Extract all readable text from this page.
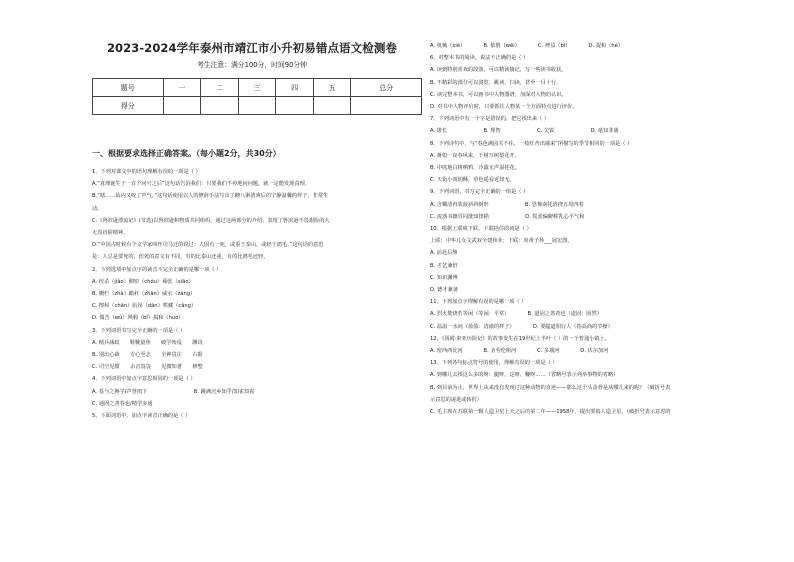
2023-2024学年泰州市靖江市小升初易错点语文检测卷
考生注意：满分100分，时间90分钟
题号	一	二	三	四	五	总分
得分						
一、根据要求选择正确答案。（每小题2分，共30分）
1、下列对课文中的语句理解有误的一项是（ ）
A.“真理诞生于一百个问号之后”这句话告诉我们：只要我们不停地问问题，就一定能发现真理。
B.“嗐……钻内又咬了声气。”这句话使用以人的修辞手法写出了糖八粥清爽后的宁静温馨的样子，非常生
动。
C.《鲁滨逊漂流记》(节选)以鲁滨逊和物质共同组织，通过这两部分的介绍，表现了鲁滨逊不畏艰险的大
无畏冒险精神。
D.“中国古时候有个文学家叫作司马迁的说过：人固有一死，或重于泰山，或轻于鸿毛。”这句话的意思
是：人总是要死的，但死的意义有不同，有的比泰山还重，有的比鸿毛还轻。
2、下列选项中加点字的读音不完全正确的是哪一项（ ）
A. 绞杀（jiǎo）稠密（chóu）蓦张（xiāo）
B. 栅栏（zhà）蜡秆（zhān）威水（zāng）
C. 擦和（chān）肮误（dān）哄藏（cāng）
D. 僵苦（wù）殃嗝（bǐ）损和（huo）
3、下列词语书写完全正确的一项是（ ）
A. 精兵减政　　鞋靴量焦　　破学殆役　　渊讯
B. 别出心裁　　专心至志　　全神贯注　　占据
C. 司空见惯　　余音袅袅　　见微知著　　修整
4、下列词语中加点字意思相同的一项是（ ）
A. 基与之换学/声誉雨下　　　　　　　　　B. 跳满沉乡知乎/知雀知雀
C. 通固之善春也/精学多通
5、下面词语中，加点字读音正确的是（ ）
A. 机械（xiè）　　　　B. 依偎（wēi）　　　　C. 裨益（bì）　　　　D. 提和（hé）
6、对整本书的阅读，说法不正确的是（ ）
A. 读到特别喜欢的段落，可以精读摘记，写一些读书收获。
B. 不精彩的部分可以浏览、跳读，扫读，甚至一目十行。
C. 读完整本书，可以画书中人物图谱，加深对人物的认识。
D. 对书中人物评价时，只要抓住人物某一个方面特点进行评价。
7、下列词语中有一个字是错误的，把它找出来（ ）
A. 锥长　　　　　　　B. 理智　　　　　　　C. 尖锐　　　　　　　D. 毫知菲蒲
8、下列诗句中，与“春色满园关不住，一枝红杏出墙来”所描写的季节相同的一项是（ ）
A. 蒋如一夜春风来，千树万树梨花开。
B. 中庭地白树栖鸦，冷露无声湿桂花。
C. 天街小雨润酥，草色遥看近却无。
9、下列词语，书写完全正确的一组是（ ）
A. 含糊清冉装菠斜斜倒形　　　　　　　B. 恐怖南托清挠五周四着
C. 流落书籍冒同涨知排描　　　　　　　D. 慌张偏僻鞋乳心平气和
10、根据上联填下联，下联括住的词是（ ）
上联：中华儿女文武双全建伟业；下联：炎黄子孙___展宏图。
A. 前赴后继
B. 才艺兼倍
C. 知识渊博
D. 德才兼备
11、下列加点字理解有误的是哪一项（ ）
A. 烈火焚烧若等闲（等闲：平常）　　　　B. 道固之善者也（道固：固然）
C. 温温一水间（盈盈：清澈的样子）　　　　D. 要隘道相行人（指高尚的节操）
12、《汤姆·索亚历险记》的故事发生在19世纪上半叶（ ）的一个普通小镇上。
A. 密西西比河　　　　B. 圣劳伦斯河　　　　C. 多瑙河　　　　D. 伏尔加河
13、下列各句标点符号的使用，理解有误的一项是（ ）
A. 到哪儿去找这么多的呀：腿呀、这呀、鞭呀……（省略号表示列举事物的省略）
B. 到目前为止，世界上从来没有发现过这种动物的直迹——那么这个头盖骨是从哪儿来的呢？（破折号表
示意思的递进或转折）
C. 毛主席在苏联第一颗人造卫星上天之后的第二年——1958年，提出要搞人造卫星。（破折号表示意思的
